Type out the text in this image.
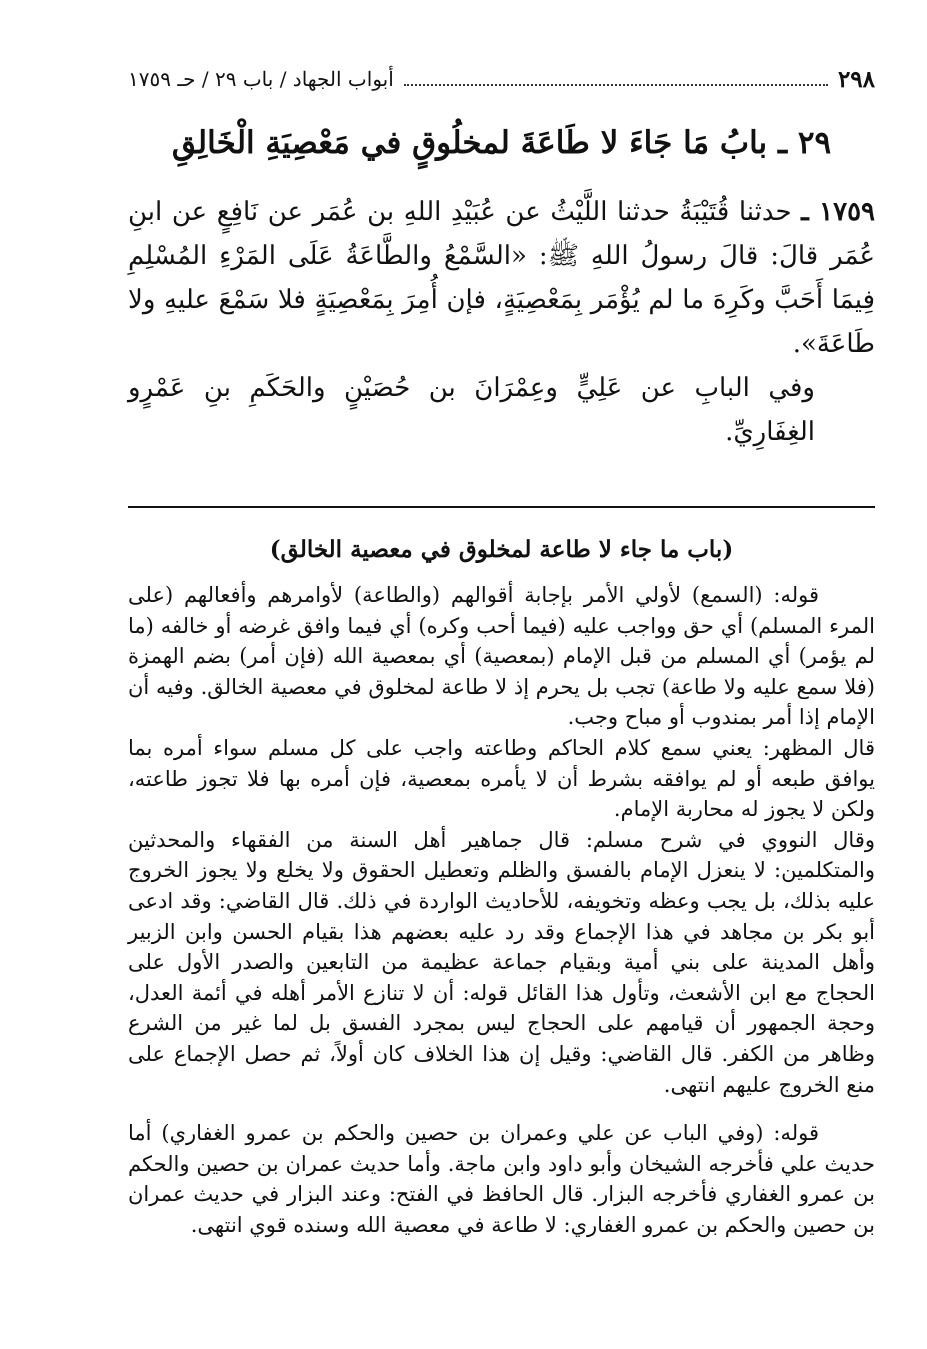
٢٩٨
أبواب الجهاد / باب ٢٩ / حـ ١٧٥٩
٢٩ ـ بابُ مَا جَاءَ لا طَاعَةَ لمخلُوقٍ في مَعْصِيَةِ الْخَالِقِ

١٧٥٩ ـ حدثنا قُتَيْبَةُ حدثنا اللَّيْثُ عن عُبَيْدِ اللهِ بن عُمَر عن نَافِعٍ عن ابنِ عُمَر قالَ: قالَ رسولُ اللهِ ﷺ: «السَّمْعُ والطَّاعَةُ عَلَى المَرْءِ المُسْلِمِ فِيمَا أَحَبَّ وكَرِهَ ما لم يُؤْمَر بِمَعْصِيَةٍ، فإن أُمِرَ بِمَعْصِيَةٍ فلا سَمْعَ عليهِ ولا طَاعَةَ».

وفي البابِ عن عَلِيٍّ وعِمْرَانَ بن حُصَيْنٍ والحَكَمِ بنِ عَمْرٍو الغِفَارِيِّ.

(باب ما جاء لا طاعة لمخلوق في معصية الخالق)

قوله: (السمع) لأولي الأمر بإجابة أقوالهم (والطاعة) لأوامرهم وأفعالهم (على المرء المسلم) أي حق وواجب عليه (فيما أحب وكره) أي فيما وافق غرضه أو خالفه (ما لم يؤمر) أي المسلم من قبل الإمام (بمعصية) أي بمعصية الله (فإن أمر) بضم الهمزة (فلا سمع عليه ولا طاعة) تجب بل يحرم إذ لا طاعة لمخلوق في معصية الخالق. وفيه أن الإمام إذا أمر بمندوب أو مباح وجب.

قال المظهر: يعني سمع كلام الحاكم وطاعته واجب على كل مسلم سواء أمره بما يوافق طبعه أو لم يوافقه بشرط أن لا يأمره بمعصية، فإن أمره بها فلا تجوز طاعته، ولكن لا يجوز له محاربة الإمام.

وقال النووي في شرح مسلم: قال جماهير أهل السنة من الفقهاء والمحدثين والمتكلمين: لا ينعزل الإمام بالفسق والظلم وتعطيل الحقوق ولا يخلع ولا يجوز الخروج عليه بذلك، بل يجب وعظه وتخويفه، للأحاديث الواردة في ذلك. قال القاضي: وقد ادعى أبو بكر بن مجاهد في هذا الإجماع وقد رد عليه بعضهم هذا بقيام الحسن وابن الزبير وأهل المدينة على بني أمية وبقيام جماعة عظيمة من التابعين والصدر الأول على الحجاج مع ابن الأشعث، وتأول هذا القائل قوله: أن لا تنازع الأمر أهله في أئمة العدل، وحجة الجمهور أن قيامهم على الحجاج ليس بمجرد الفسق بل لما غير من الشرع وظاهر من الكفر. قال القاضي: وقيل إن هذا الخلاف كان أولاً، ثم حصل الإجماع على منع الخروج عليهم انتهى.

قوله: (وفي الباب عن علي وعمران بن حصين والحكم بن عمرو الغفاري) أما حديث علي فأخرجه الشيخان وأبو داود وابن ماجة. وأما حديث عمران بن حصين والحكم بن عمرو الغفاري فأخرجه البزار. قال الحافظ في الفتح: وعند البزار في حديث عمران بن حصين والحكم بن عمرو الغفاري: لا طاعة في معصية الله وسنده قوي انتهى.
